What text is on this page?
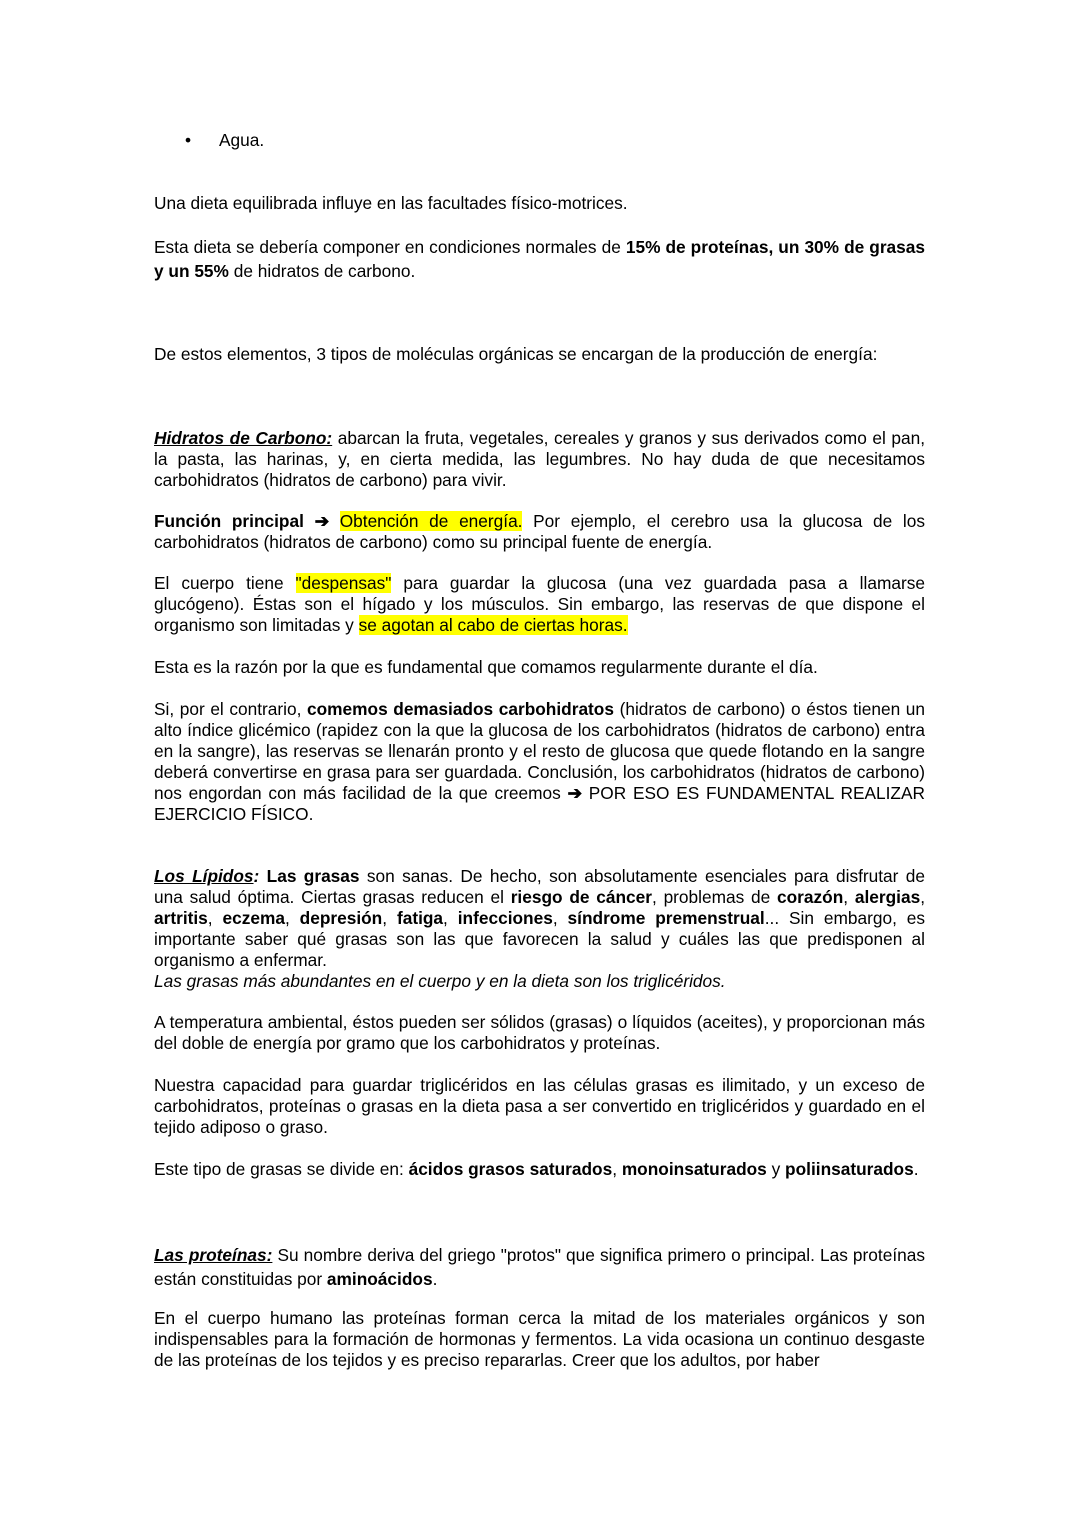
• Agua.

Una dieta equilibrada influye en las facultades físico-motrices.

Esta dieta se debería componer en condiciones normales de 15% de proteínas, un 30% de grasas y un 55% de hidratos de carbono.

De estos elementos, 3 tipos de moléculas orgánicas se encargan de la producción de energía:

Hidratos de Carbono: abarcan la fruta, vegetales, cereales y granos y sus derivados como el pan, la pasta, las harinas, y, en cierta medida, las legumbres. No hay duda de que necesitamos carbohidratos (hidratos de carbono) para vivir.

Función principal ➔ Obtención de energía. Por ejemplo, el cerebro usa la glucosa de los carbohidratos (hidratos de carbono) como su principal fuente de energía.

El cuerpo tiene "despensas" para guardar la glucosa (una vez guardada pasa a llamarse glucógeno). Éstas son el hígado y los músculos. Sin embargo, las reservas de que dispone el organismo son limitadas y se agotan al cabo de ciertas horas.

Esta es la razón por la que es fundamental que comamos regularmente durante el día.

Si, por el contrario, comemos demasiados carbohidratos (hidratos de carbono) o éstos tienen un alto índice glicémico (rapidez con la que la glucosa de los carbohidratos (hidratos de carbono) entra en la sangre), las reservas se llenarán pronto y el resto de glucosa que quede flotando en la sangre deberá convertirse en grasa para ser guardada. Conclusión, los carbohidratos (hidratos de carbono) nos engordan con más facilidad de la que creemos ➔ POR ESO ES FUNDAMENTAL REALIZAR EJERCICIO FÍSICO.

Los Lípidos: Las grasas son sanas. De hecho, son absolutamente esenciales para disfrutar de una salud óptima. Ciertas grasas reducen el riesgo de cáncer, problemas de corazón, alergias, artritis, eczema, depresión, fatiga, infecciones, síndrome premenstrual... Sin embargo, es importante saber qué grasas son las que favorecen la salud y cuáles las que predisponen al organismo a enfermar.
Las grasas más abundantes en el cuerpo y en la dieta son los triglicéridos.

A temperatura ambiental, éstos pueden ser sólidos (grasas) o líquidos (aceites), y proporcionan más del doble de energía por gramo que los carbohidratos y proteínas.

Nuestra capacidad para guardar triglicéridos en las células grasas es ilimitado, y un exceso de carbohidratos, proteínas o grasas en la dieta pasa a ser convertido en triglicéridos y guardado en el tejido adiposo o graso.

Este tipo de grasas se divide en: ácidos grasos saturados, monoinsaturados y poliinsaturados.

Las proteínas: Su nombre deriva del griego "protos" que significa primero o principal. Las proteínas están constituidas por aminoácidos.

En el cuerpo humano las proteínas forman cerca la mitad de los materiales orgánicos y son indispensables para la formación de hormonas y fermentos. La vida ocasiona un continuo desgaste de las proteínas de los tejidos y es preciso repararlas. Creer que los adultos, por haber
